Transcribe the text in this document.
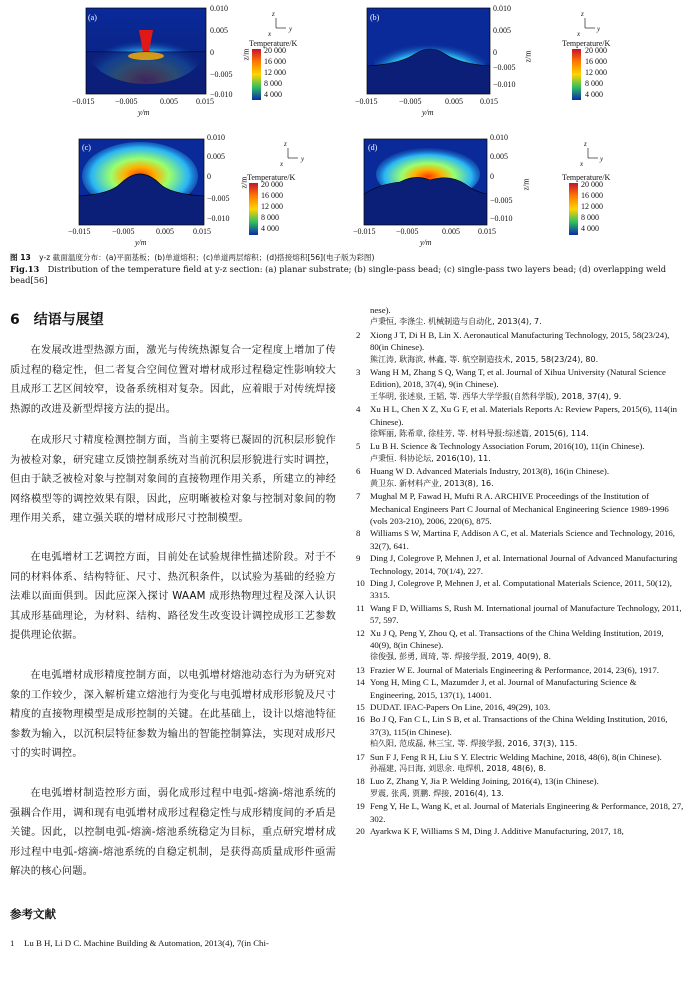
(a)	(b)
(c)	(d)
0.010
0.005
0
−0.005
−0.010
z/m
−0.015	−0.005	0.005 0.015
y/m
z
y
x
Temperature/K
20 000
16 000
12 000
8 000
4 000
0.010
0.005
0
−0.005
−0.010
z/m
−0.015	−0.005	0.005 0.015
y/m
z
y
x
Temperature/K
20 000
16 000
12 000
8 000
4 000
0.010
0.005
0
−0.005
−0.010
z/m
−0.015	−0.005	0.005 0.015
y/m
z
y
x
Temperature/K
20 000
16 000
12 000
8 000
4 000
0.010
0.005
0
−0.005
−0.010
z/m
−0.015	−0.005	0.005 0.015
y/m
z
y
x
Temperature/K
20 000
16 000
12 000
8 000
4 000
图 13　 y-z 截面温度分布：(a)平面基板；(b)单道熔积；(c)单道两层熔积；(d)搭接熔积[56](电子版为彩图)
Fig.13　 Distribution of the temperature field at y-z section: (a) planar substrate; (b) single-pass bead; (c) single-pass two layers bead; (d) overlapping weld bead[56]
6　结语与展望
在发展改进型热源方面，激光与传统热源复合一定程度上增加了传质过程的稳定性，但二者复合空间位置对增材成形过程稳定性影响较大且成形工艺区间较窄，设备系统相对复杂。因此，应着眼于对传统焊接热源的改进及新型焊接方法的提出。
在成形尺寸精度检测控制方面，当前主要将已凝固的沉积层形貌作为被检对象，研究建立反馈控制系统对当前沉积层形貌进行实时调控，但由于缺乏被检对象与控制对象间的直接物理作用关系，所建立的神经网络模型等的调控效果有限，因此，应明晰被检对象与控制对象间的物理作用关系，建立强关联的增材成形尺寸控制模型。
在电弧增材工艺调控方面，目前处在试验规律性描述阶段。对于不同的材料体系、结构特征、尺寸、热沉积条件，以试验为基础的经验方法难以面面俱到。因此应深入探讨 WAAM 成形热物理过程及深入认识其成形基础理论，为材料、结构、路径发生改变设计调控成形工艺参数提供理论依据。
在电弧增材成形精度控制方面，以电弧增材熔池动态行为为研究对象的工作较少，深入解析建立熔池行为变化与电弧增材成形形貌及尺寸精度的直接物理模型是成形控制的关键。在此基础上，设计以熔池特征参数为输入，以沉积层特征参数为输出的智能控制算法，实现对成形尺寸的实时调控。
在电弧增材制造控形方面，弱化成形过程中电弧-熔滴-熔池系统的强耦合作用，调和现有电弧增材成形过程稳定性与成形精度间的矛盾是关键。因此，以控制电弧-熔滴-熔池系统稳定为目标，重点研究增材成形过程中电弧-熔滴-熔池系统的自稳定机制，是获得高质量成形件亟需解决的核心问题。
参考文献
1 Lu B H, Li D C. Machine Building & Automation, 2013(4), 7(in Chi-
nese).
卢秉恒, 李涤尘. 机械制造与自动化, 2013(4), 7.
2 Xiong J T, Di H B, Lin X. Aeronautical Manufacturing Technology, 2015, 58(23/24), 80(in Chinese).
熊江涛, 耿海滨, 林鑫, 等. 航空制造技术, 2015, 58(23/24), 80.
3 Wang H M, Zhang S Q, Wang T, et al. Journal of Xihua University (Natural Science Edition), 2018, 37(4), 9(in Chinese).
王华明, 张述泉, 王韬, 等. 西华大学学报(自然科学版), 2018, 37(4), 9.
4 Xu H L, Chen X Z, Xu G F, et al. Materials Reports A: Review Papers, 2015(6), 114(in Chinese).
徐辉丽, 陈希章, 徐桂芳, 等. 材料导报:综述篇, 2015(6), 114.
5 Lu B H. Science & Technology Association Forum, 2016(10), 11(in Chinese).
卢秉恒. 科协论坛, 2016(10), 11.
6 Huang W D. Advanced Materials Industry, 2013(8), 16(in Chinese).
黄卫东. 新材料产业, 2013(8), 16.
7 Mughal M P, Fawad H, Mufti R A. ARCHIVE Proceedings of the Institution of Mechanical Engineers Part C Journal of Mechanical Engineering Science 1989-1996 (vols 203-210), 2006, 220(6), 875.
8 Williams S W, Martina F, Addison A C, et al. Materials Science and Technology, 2016, 32(7), 641.
9 Ding J, Colegrove P, Mehnen J, et al. International Journal of Advanced Manufacturing Technology, 2014, 70(1/4), 227.
10 Ding J, Colegrove P, Mehnen J, et al. Computational Materials Science, 2011, 50(12), 3315.
11 Wang F D, Williams S, Rush M. International journal of Manufacture Technology, 2011, 57, 597.
12 Xu J Q, Peng Y, Zhou Q, et al. Transactions of the China Welding Institution, 2019, 40(9), 8(in Chinese).
徐俊强, 彭勇, 周琦, 等. 焊接学报, 2019, 40(9), 8.
13 Frazier W E. Journal of Materials Engineering & Performance, 2014, 23(6), 1917.
14 Yong H, Ming C L, Mazumder J, et al. Journal of Manufacturing Science & Engineering, 2015, 137(1), 14001.
15 DUDAT. IFAC-Papers On Line, 2016, 49(29), 103.
16 Bo J Q, Fan C L, Lin S B, et al. Transactions of the China Welding Institution, 2016, 37(3), 115(in Chinese).
柏久阳, 范成磊, 林三宝, 等. 焊接学报, 2016, 37(3), 115.
17 Sun F J, Feng R H, Liu S Y. Electric Welding Machine, 2018, 48(6), 8(in Chinese).
孙福建, 冯日海, 刘思余. 电焊机, 2018, 48(6), 8.
18 Luo Z, Zhang Y, Jia P. Welding Joining, 2016(4), 13(in Chinese).
罗震, 张禹, 贾鹏. 焊接, 2016(4), 13.
19 Feng Y, He L, Wang K, et al. Journal of Materials Engineering & Performance, 2018, 27, 302.
20 Ayarkwa K F, Williams S M, Ding J. Additive Manufacturing, 2017, 18,
